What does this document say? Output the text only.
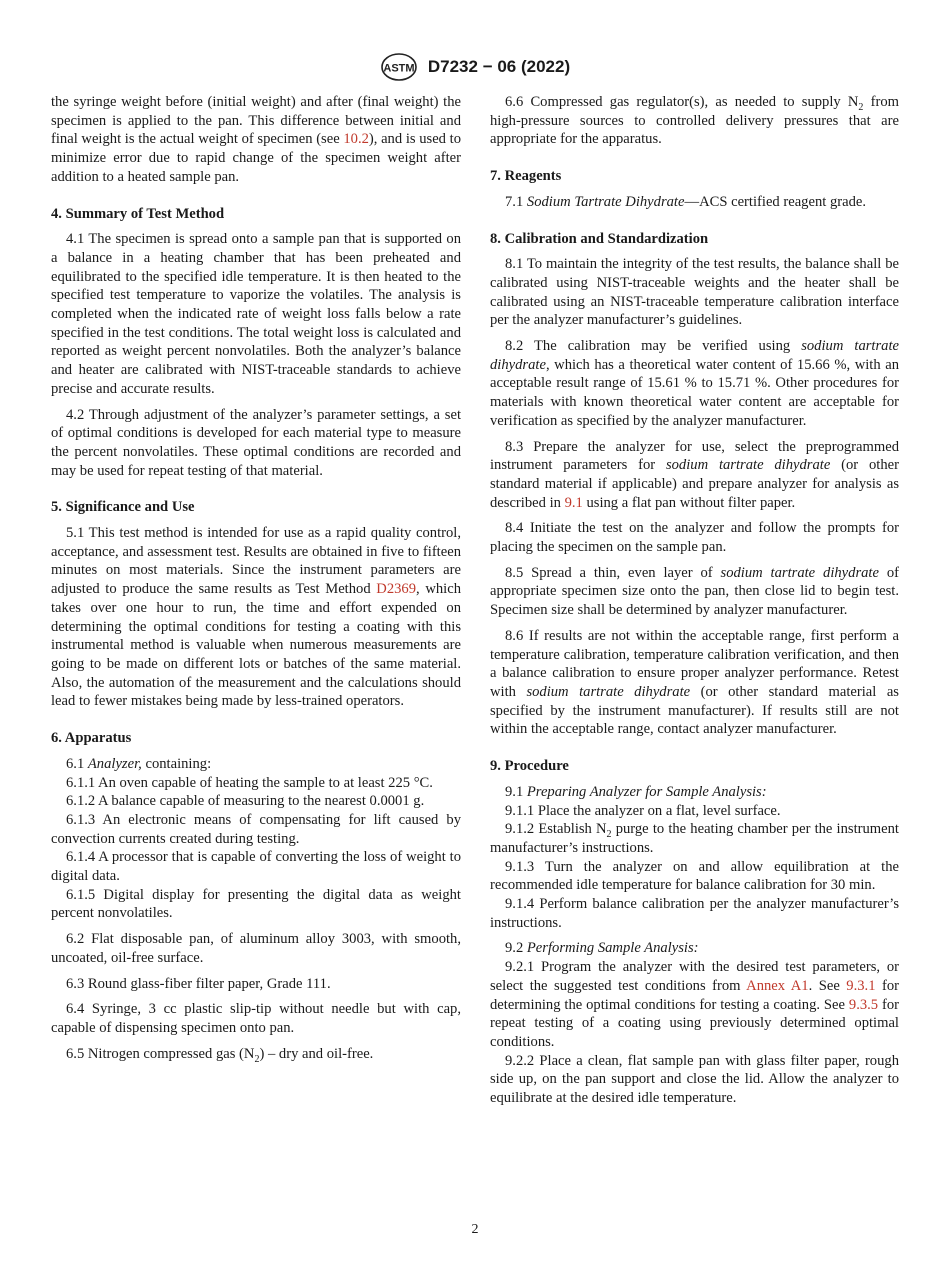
ASTM D7232 − 06 (2022)

the syringe weight before (initial weight) and after (final weight) the specimen is applied to the pan. This difference between initial and final weight is the actual weight of specimen (see 10.2), and is used to minimize error due to rapid change of the specimen weight after addition to a heated sample pan.

4. Summary of Test Method

4.1 The specimen is spread onto a sample pan that is supported on a balance in a heating chamber that has been preheated and equilibrated to the specified idle temperature. It is then heated to the specified test temperature to vaporize the volatiles. The analysis is completed when the indicated rate of weight loss falls below a rate specified in the test conditions. The total weight loss is calculated and reported as weight percent nonvolatiles. Both the analyzer’s balance and heater are calibrated with NIST-traceable standards to achieve precise and accurate results.

4.2 Through adjustment of the analyzer’s parameter settings, a set of optimal conditions is developed for each material type to measure the percent nonvolatiles. These optimal conditions are recorded and may be used for repeat testing of that material.

5. Significance and Use

5.1 This test method is intended for use as a rapid quality control, acceptance, and assessment test. Results are obtained in five to fifteen minutes on most materials. Since the instrument parameters are adjusted to produce the same results as Test Method D2369, which takes over one hour to run, the time and effort expended on determining the optimal conditions for testing a coating with this instrumental method is valuable when numerous measurements are going to be made on different lots or batches of the same material. Also, the automation of the measurement and the calculations should lead to fewer mistakes being made by less-trained operators.

6. Apparatus

6.1 Analyzer, containing:

6.1.1 An oven capable of heating the sample to at least 225 °C.

6.1.2 A balance capable of measuring to the nearest 0.0001 g.

6.1.3 An electronic means of compensating for lift caused by convection currents created during testing.

6.1.4 A processor that is capable of converting the loss of weight to digital data.

6.1.5 Digital display for presenting the digital data as weight percent nonvolatiles.

6.2 Flat disposable pan, of aluminum alloy 3003, with smooth, uncoated, oil-free surface.

6.3 Round glass-fiber filter paper, Grade 111.

6.4 Syringe, 3 cc plastic slip-tip without needle but with cap, capable of dispensing specimen onto pan.

6.5 Nitrogen compressed gas $(N_2)$ – dry and oil-free.

6.6 Compressed gas regulator(s), as needed to supply $N_2$ from high-pressure sources to controlled delivery pressures that are appropriate for the apparatus.

7. Reagents

7.1 Sodium Tartrate Dihydrate—ACS certified reagent grade.

8. Calibration and Standardization

8.1 To maintain the integrity of the test results, the balance shall be calibrated using NIST-traceable weights and the heater shall be calibrated using an NIST-traceable temperature calibration interface per the analyzer manufacturer’s guidelines.

8.2 The calibration may be verified using sodium tartrate dihydrate, which has a theoretical water content of 15.66 %, with an acceptable result range of 15.61 % to 15.71 %. Other procedures for materials with known theoretical water content are acceptable for verification as specified by the analyzer manufacturer.

8.3 Prepare the analyzer for use, select the preprogrammed instrument parameters for sodium tartrate dihydrate (or other standard material if applicable) and prepare analyzer for analysis as described in 9.1 using a flat pan without filter paper.

8.4 Initiate the test on the analyzer and follow the prompts for placing the specimen on the sample pan.

8.5 Spread a thin, even layer of sodium tartrate dihydrate of appropriate specimen size onto the pan, then close lid to begin test. Specimen size shall be determined by analyzer manufacturer.

8.6 If results are not within the acceptable range, first perform a temperature calibration, temperature calibration verification, and then a balance calibration to ensure proper analyzer performance. Retest with sodium tartrate dihydrate (or other standard material as specified by the instrument manufacturer). If results still are not within the acceptable range, contact analyzer manufacturer.

9. Procedure

9.1 Preparing Analyzer for Sample Analysis:

9.1.1 Place the analyzer on a flat, level surface.

9.1.2 Establish $N_2$ purge to the heating chamber per the instrument manufacturer’s instructions.

9.1.3 Turn the analyzer on and allow equilibration at the recommended idle temperature for balance calibration for 30 min.

9.1.4 Perform balance calibration per the analyzer manufacturer’s instructions.

9.2 Performing Sample Analysis:

9.2.1 Program the analyzer with the desired test parameters, or select the suggested test conditions from Annex A1. See 9.3.1 for determining the optimal conditions for testing a coating. See 9.3.5 for repeat testing of a coating using previously determined optimal conditions.

9.2.2 Place a clean, flat sample pan with glass filter paper, rough side up, on the pan support and close the lid. Allow the analyzer to equilibrate at the desired idle temperature.

2
